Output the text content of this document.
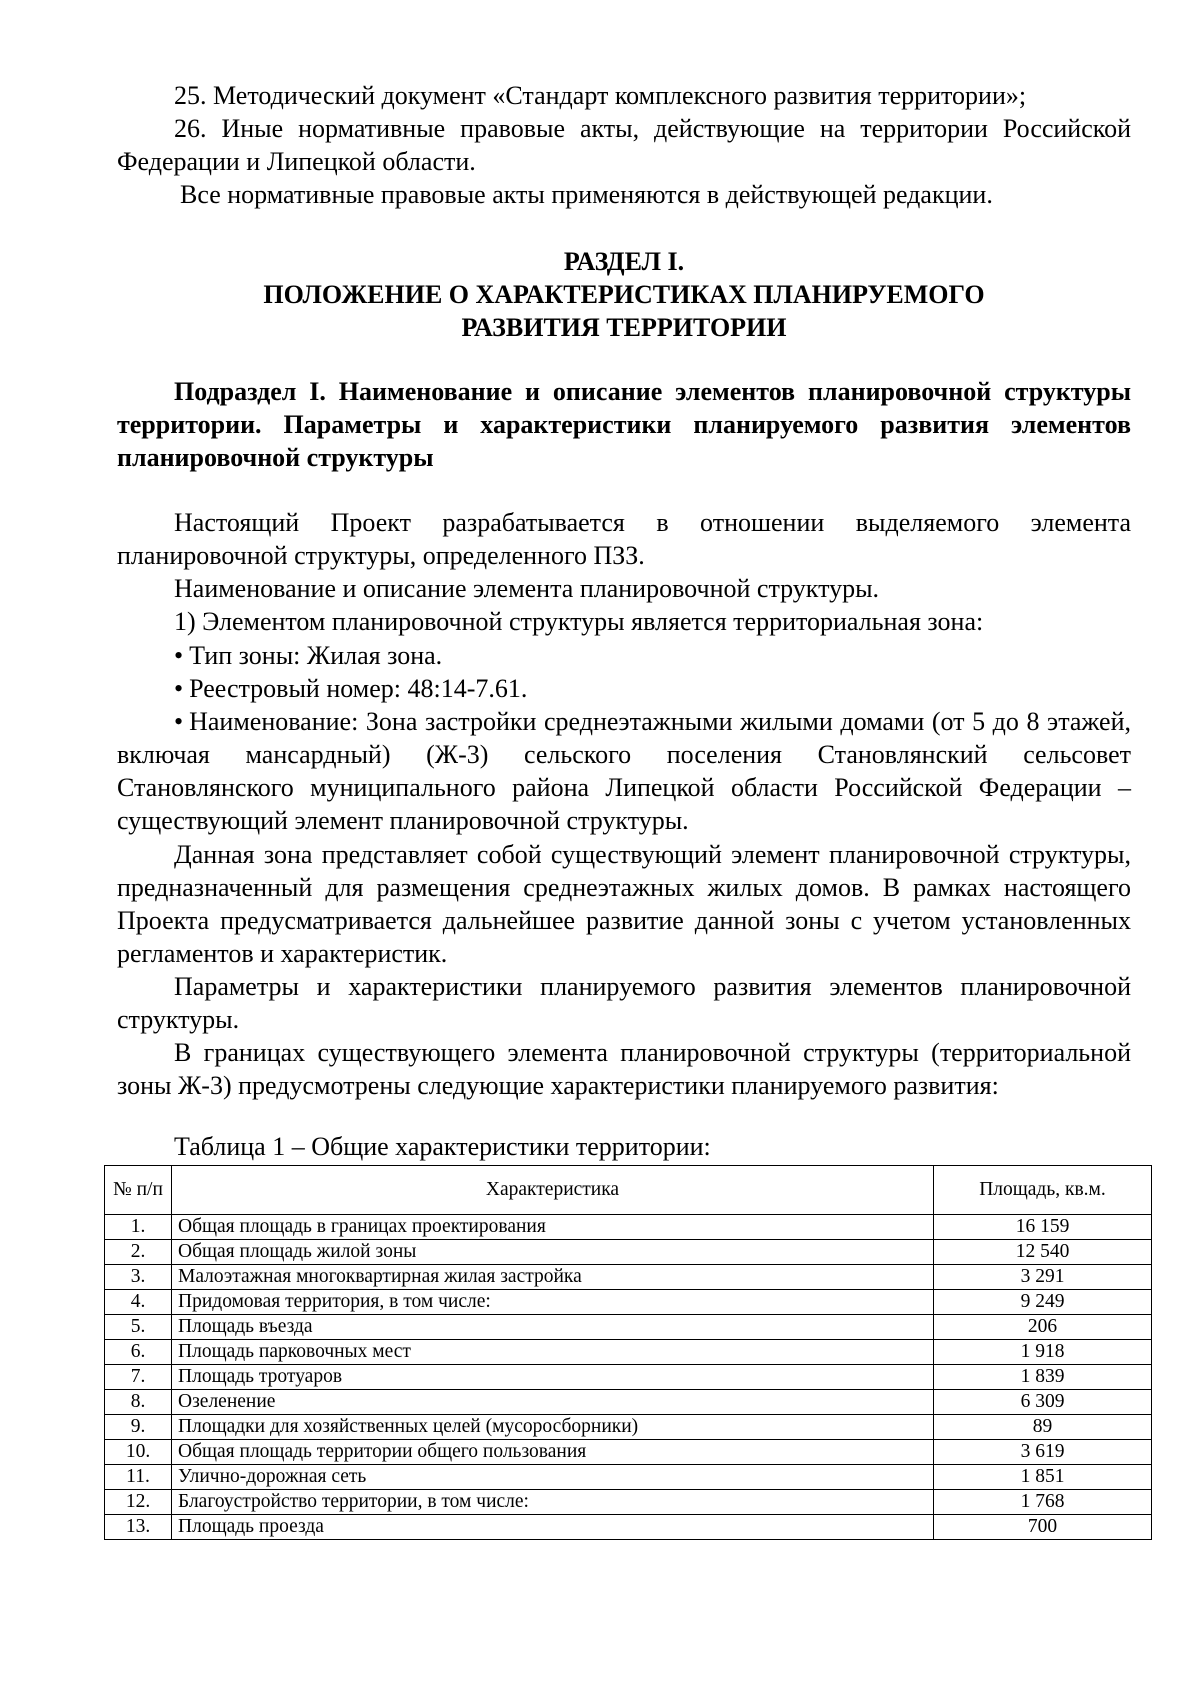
25. Методический документ «Стандарт комплексного развития территории»;

26. Иные нормативные правовые акты, действующие на территории Российской Федерации и Липецкой области.

Все нормативные правовые акты применяются в действующей редакции.

РАЗДЕЛ I.
ПОЛОЖЕНИЕ О ХАРАКТЕРИСТИКАХ ПЛАНИРУЕМОГО
РАЗВИТИЯ ТЕРРИТОРИИ

Подраздел I. Наименование и описание элементов планировочной структуры территории. Параметры и характеристики планируемого развития элементов планировочной структуры

Настоящий Проект разрабатывается в отношении выделяемого элемента планировочной структуры, определенного ПЗЗ.

Наименование и описание элемента планировочной структуры.

1) Элементом планировочной структуры является территориальная зона:

• Тип зоны: Жилая зона.
• Реестровый номер: 48:14-7.61.
• Наименование: Зона застройки среднеэтажными жилыми домами (от 5 до 8 этажей, включая мансардный) (Ж-3) сельского поселения Становлянский сельсовет Становлянского муниципального района Липецкой области Российской Федерации – существующий элемент планировочной структуры.

Данная зона представляет собой существующий элемент планировочной структуры, предназначенный для размещения среднеэтажных жилых домов. В рамках настоящего Проекта предусматривается дальнейшее развитие данной зоны с учетом установленных регламентов и характеристик.

Параметры и характеристики планируемого развития элементов планировочной структуры.

В границах существующего элемента планировочной структуры (территориальной зоны Ж-3) предусмотрены следующие характеристики планируемого развития:

Таблица 1 – Общие характеристики территории:

№ п/п	Характеристика	Площадь, кв.м.
1.	Общая площадь в границах проектирования	16 159
2.	Общая площадь жилой зоны	12 540
3.	Малоэтажная многоквартирная жилая застройка	3 291
4.	Придомовая территория, в том числе:	9 249
5.	Площадь въезда	206
6.	Площадь парковочных мест	1 918
7.	Площадь тротуаров	1 839
8.	Озеленение	6 309
9.	Площадки для хозяйственных целей (мусоросборники)	89
10.	Общая площадь территории общего пользования	3 619
11.	Улично-дорожная сеть	1 851
12.	Благоустройство территории, в том числе:	1 768
13.	Площадь проезда	700
